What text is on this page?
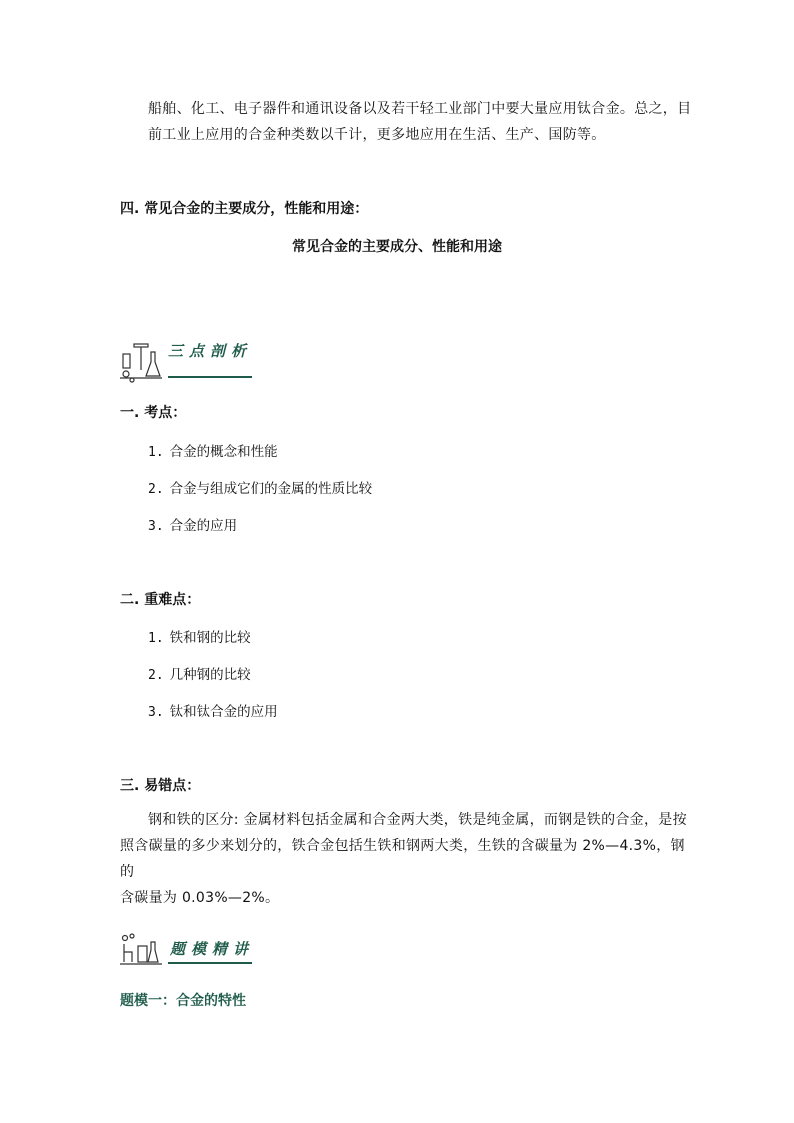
船舶、化工、电子器件和通讯设备以及若干轻工业部门中要大量应用钛合金。总之，目
前工业上应用的合金种类数以千计，更多地应用在生活、生产、国防等。
四. 常见合金的主要成分，性能和用途：
常见合金的主要成分、性能和用途
三点剖析
一. 考点：
1. 合金的概念和性能
2. 合金与组成它们的金属的性质比较
3. 合金的应用
二. 重难点：
1. 铁和钢的比较
2. 几种钢的比较
3. 钛和钛合金的应用
三. 易错点：
钢和铁的区分: 金属材料包括金属和合金两大类，铁是纯金属，而钢是铁的合金，是按
照含碳量的多少来划分的，铁合金包括生铁和钢两大类，生铁的含碳量为 2%—4.3%，钢的
含碳量为 0.03%—2%。
题模精讲
题模一：合金的特性
